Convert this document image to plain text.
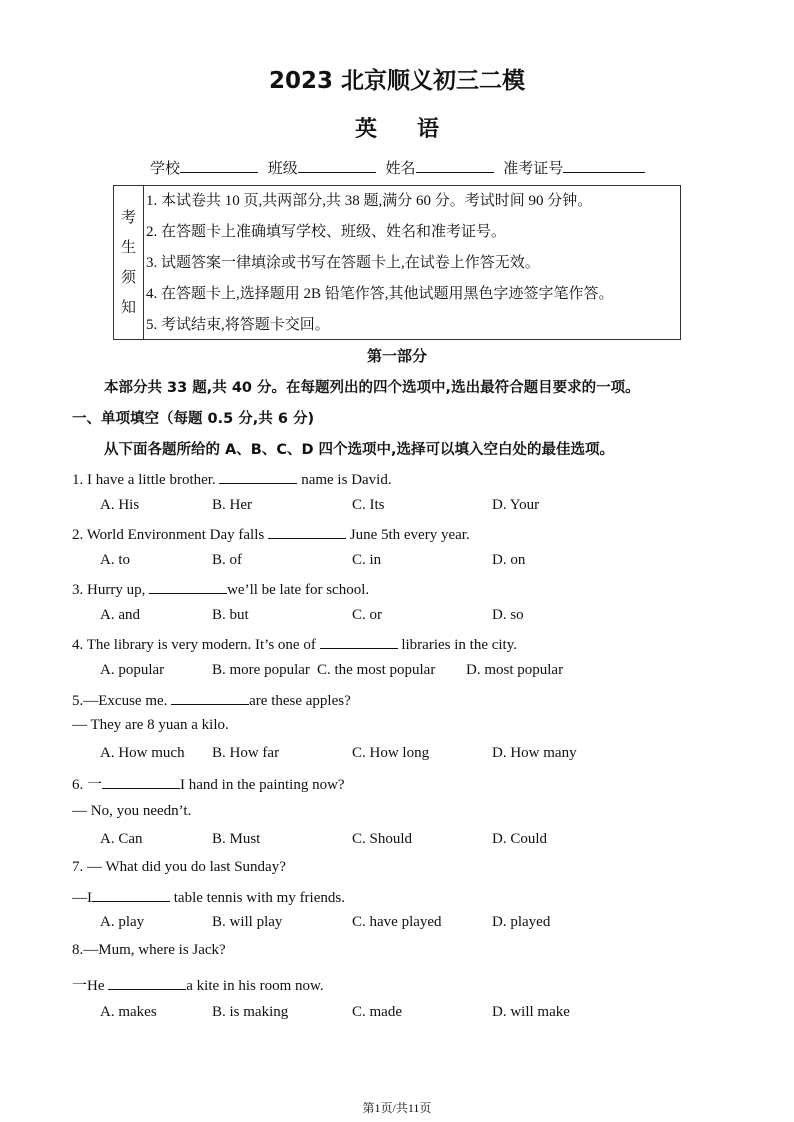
2023 北京顺义初三二模
英语
学校	班级	姓名	准考证号
考
生
须
知
1. 本试卷共 10 页,共两部分,共 38 题,满分 60 分。考试时间 90 分钟。
2. 在答题卡上准确填写学校、班级、姓名和准考证号。
3. 试题答案一律填涂或书写在答题卡上,在试卷上作答无效。
4. 在答题卡上,选择题用 2B 铅笔作答,其他试题用黑色字迹签字笔作答。
5. 考试结束,将答题卡交回。
第一部分
本部分共 33 题,共 40 分。在每题列出的四个选项中,选出最符合题目要求的一项。
一、单项填空（每题 0.5 分,共 6 分)
从下面各题所给的 A、B、C、D 四个选项中,选择可以填入空白处的最佳选项。
1. I have a little brother.	name is David.
A. His	B. Her	C. Its	D. Your
2. World Environment Day falls	June 5th every year.
A. to	B. of	C. in	D. on
3. Hurry up,	we’ll be late for school.
A. and	B. but	C. or	D. so
4. The library is very modern. It’s one of	libraries in the city.
A. popular	B. more popular C. the most popular D. most popular
5.—Excuse me.	are these apples?
— They are 8 yuan a kilo.
A. How much B. How far	C. How long	D. How many
6. 一	I hand in the painting now?
— No, you needn’t.
A. Can	B. Must	C. Should	D. Could
7. — What did you do last Sunday?
—I	table tennis with my friends.
A. play	B. will play	C. have played	D. played
8.—Mum, where is Jack?
一He	a kite in his room now.
A. makes	B. is making	C. made	D. will make
第1页/共11页
